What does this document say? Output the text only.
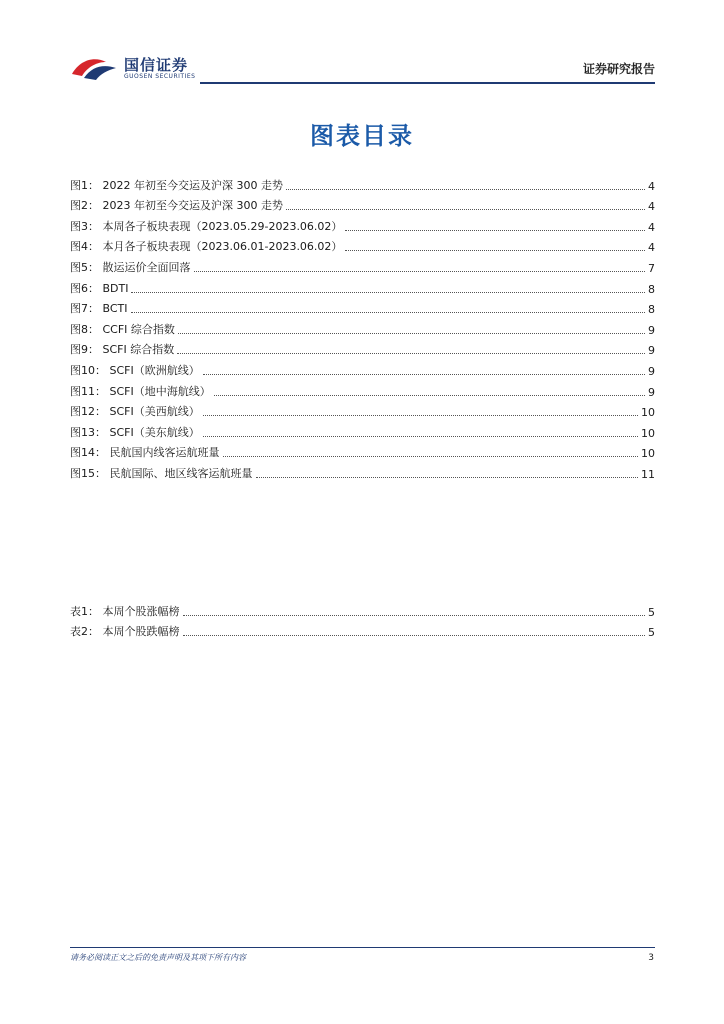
国信证券
GUOSEN SECURITIES
证券研究报告
图表目录
图1： 2022 年初至今交运及沪深 300 走势	4
图2： 2023 年初至今交运及沪深 300 走势	4
图3： 本周各子板块表现（2023.05.29-2023.06.02）	4
图4： 本月各子板块表现（2023.06.01-2023.06.02）	4
图5： 散运运价全面回落	7
图6： BDTI	8
图7： BCTI	8
图8： CCFI 综合指数	9
图9： SCFI 综合指数	9
图10： SCFI（欧洲航线）	9
图11： SCFI（地中海航线）	9
图12： SCFI（美西航线）	10
图13： SCFI（美东航线）	10
图14： 民航国内线客运航班量	10
图15： 民航国际、地区线客运航班量	11
表1： 本周个股涨幅榜	5
表2： 本周个股跌幅榜	5
请务必阅读正文之后的免责声明及其项下所有内容	3
